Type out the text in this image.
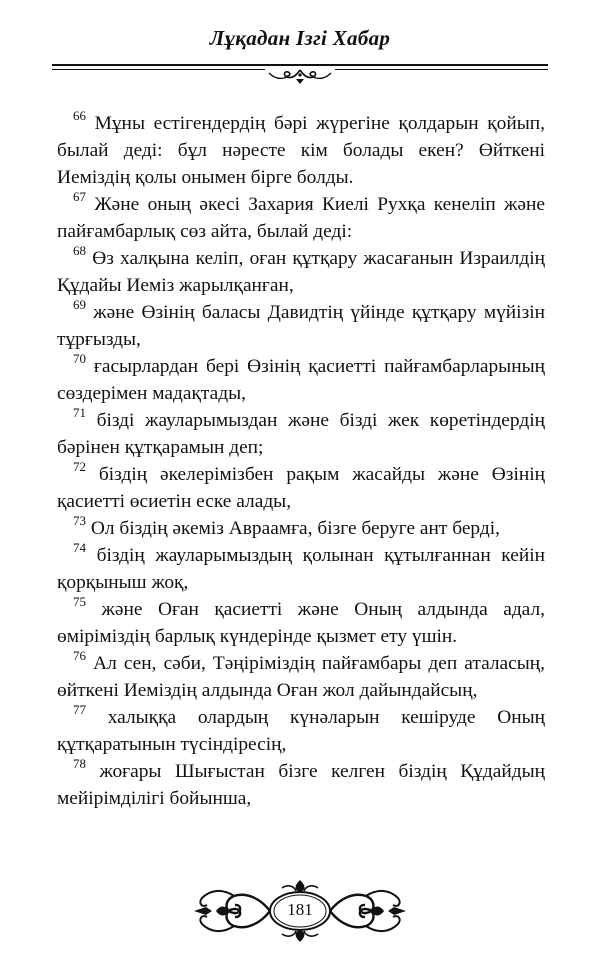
Лұқадан Ізгі Хабар

$^{66}$ Мұны естігендердің бәрі жүрегіне қолдарын қойып, былай деді: бұл нәресте кім болады екен? Өйткені Иеміздің қолы онымен бірге болды.

$^{67}$ Және оның әкесі Захария Киелі Рухқа кенеліп және пайғамбарлық сөз айта, былай деді:

$^{68}$ Өз халқына келіп, оған құтқару жасағанын Израилдің Құдайы Иеміз жарылқанған,

$^{69}$ және Өзінің баласы Давидтің үйінде құтқару мүйізін тұрғызды,

$^{70}$ ғасырлардан бері Өзінің қасиетті пайғамбарларының сөздерімен мадақтады,

$^{71}$ бізді жауларымыздан және бізді жек көретіндердің бәрінен құтқарамын деп;

$^{72}$ біздің әкелерімізбен рақым жасайды және Өзінің қасиетті өсиетін еске алады,

$^{73}$ Ол біздің әкеміз Авраамға, бізге беруге ант берді,

$^{74}$ біздің жауларымыздың қолынан құтылғаннан кейін қорқыныш жоқ,

$^{75}$ және Оған қасиетті және Оның алдында адал, өміріміздің барлық күндерінде қызмет ету үшін.

$^{76}$ Ал сен, сәби, Тәңіріміздің пайғамбары деп аталасың, өйткені Иеміздің алдында Оған жол дайындайсың,

$^{77}$ халыққа олардың күнәларын кешіруде Оның құтқаратынын түсіндіресің,

$^{78}$ жоғары Шығыстан бізге келген біздің Құдайдың мейірімділігі бойынша,

181
